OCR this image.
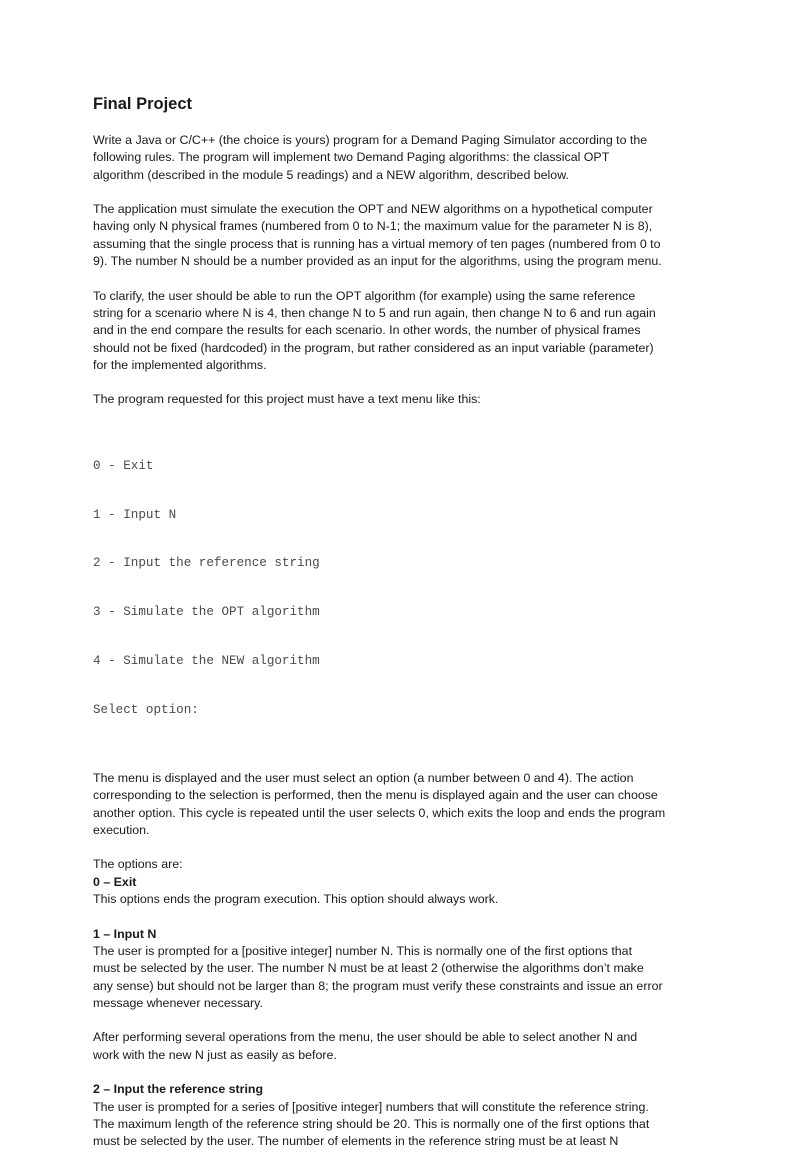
Final Project
Write a Java or C/C++ (the choice is yours) program for a Demand Paging Simulator according to the
following rules. The program will implement two Demand Paging algorithms: the classical OPT
algorithm (described in the module 5 readings) and a NEW algorithm, described below.
The application must simulate the execution the OPT and NEW algorithms on a hypothetical computer
having only N physical frames (numbered from 0 to N-1; the maximum value for the parameter N is 8),
assuming that the single process that is running has a virtual memory of ten pages (numbered from 0 to
9). The number N should be a number provided as an input for the algorithms, using the program menu.
To clarify, the user should be able to run the OPT algorithm (for example) using the same reference
string for a scenario where N is 4, then change N to 5 and run again, then change N to 6 and run again
and in the end compare the results for each scenario. In other words, the number of physical frames
should not be fixed (hardcoded) in the program, but rather considered as an input variable (parameter)
for the implemented algorithms.
The program requested for this project must have a text menu like this:

0 - Exit

1 - Input N

2 - Input the reference string

3 - Simulate the OPT algorithm

4 - Simulate the NEW algorithm

Select option:

The menu is displayed and the user must select an option (a number between 0 and 4). The action
corresponding to the selection is performed, then the menu is displayed again and the user can choose
another option. This cycle is repeated until the user selects 0, which exits the loop and ends the program
execution.
The options are:
0 – Exit
This options ends the program execution. This option should always work.
1 – Input N
The user is prompted for a [positive integer] number N. This is normally one of the first options that
must be selected by the user. The number N must be at least 2 (otherwise the algorithms don’t make
any sense) but should not be larger than 8; the program must verify these constraints and issue an error
message whenever necessary.
After performing several operations from the menu, the user should be able to select another N and
work with the new N just as easily as before.
2 – Input the reference string
The user is prompted for a series of [positive integer] numbers that will constitute the reference string.
The maximum length of the reference string should be 20. This is normally one of the first options that
must be selected by the user. The number of elements in the reference string must be at least N
